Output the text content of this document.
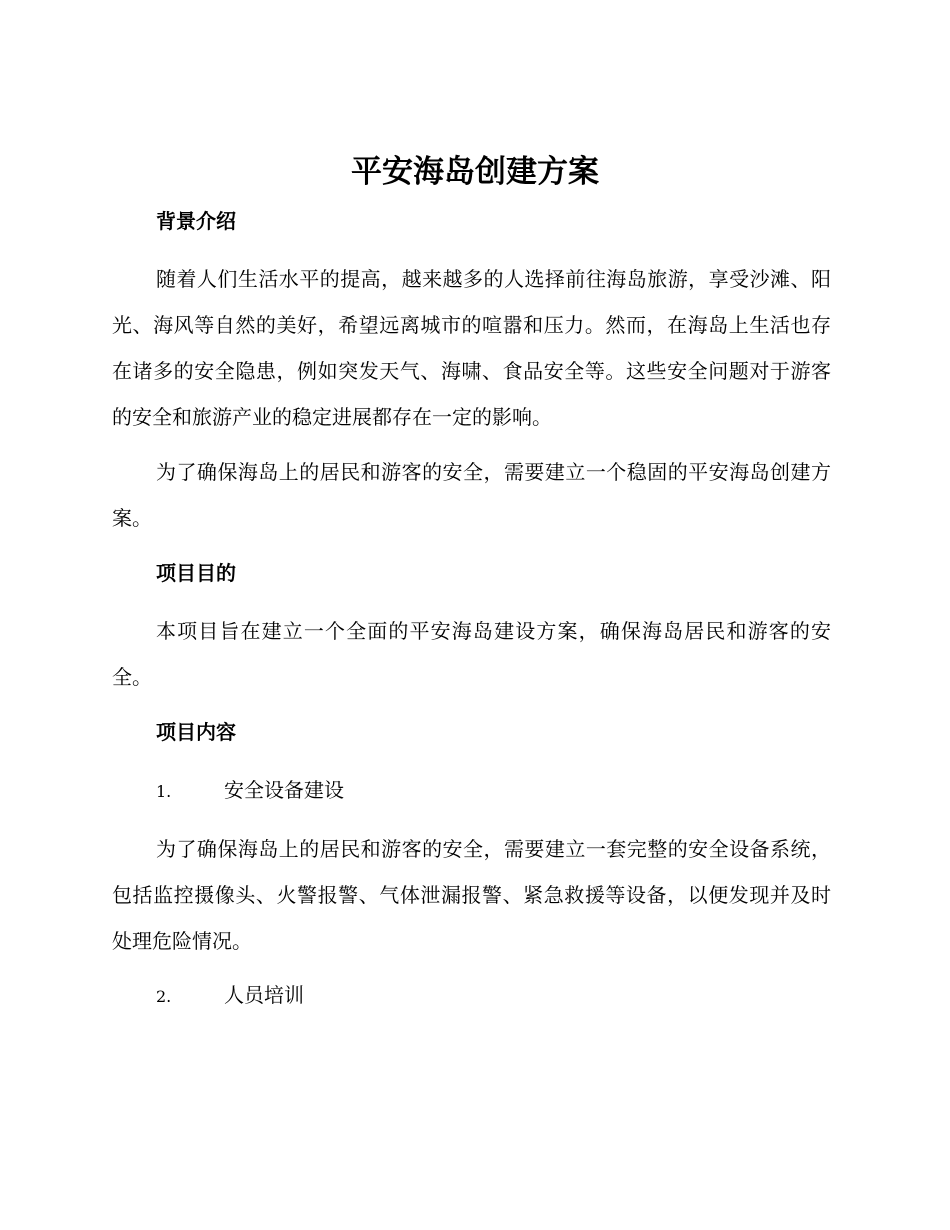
平安海岛创建方案
背景介绍

随着人们生活水平的提高，越来越多的人选择前往海岛旅游，享受沙滩、阳光、海风等自然的美好，希望远离城市的喧嚣和压力。然而，在海岛上生活也存在诸多的安全隐患，例如突发天气、海啸、食品安全等。这些安全问题对于游客的安全和旅游产业的稳定进展都存在一定的影响。

为了确保海岛上的居民和游客的安全，需要建立一个稳固的平安海岛创建方案。

项目目的

本项目旨在建立一个全面的平安海岛建设方案，确保海岛居民和游客的安全。

项目内容
1.	安全设备建设

为了确保海岛上的居民和游客的安全，需要建立一套完整的安全设备系统，包括监控摄像头、火警报警、气体泄漏报警、紧急救援等设备，以便发现并及时处理危险情况。

2.	人员培训
